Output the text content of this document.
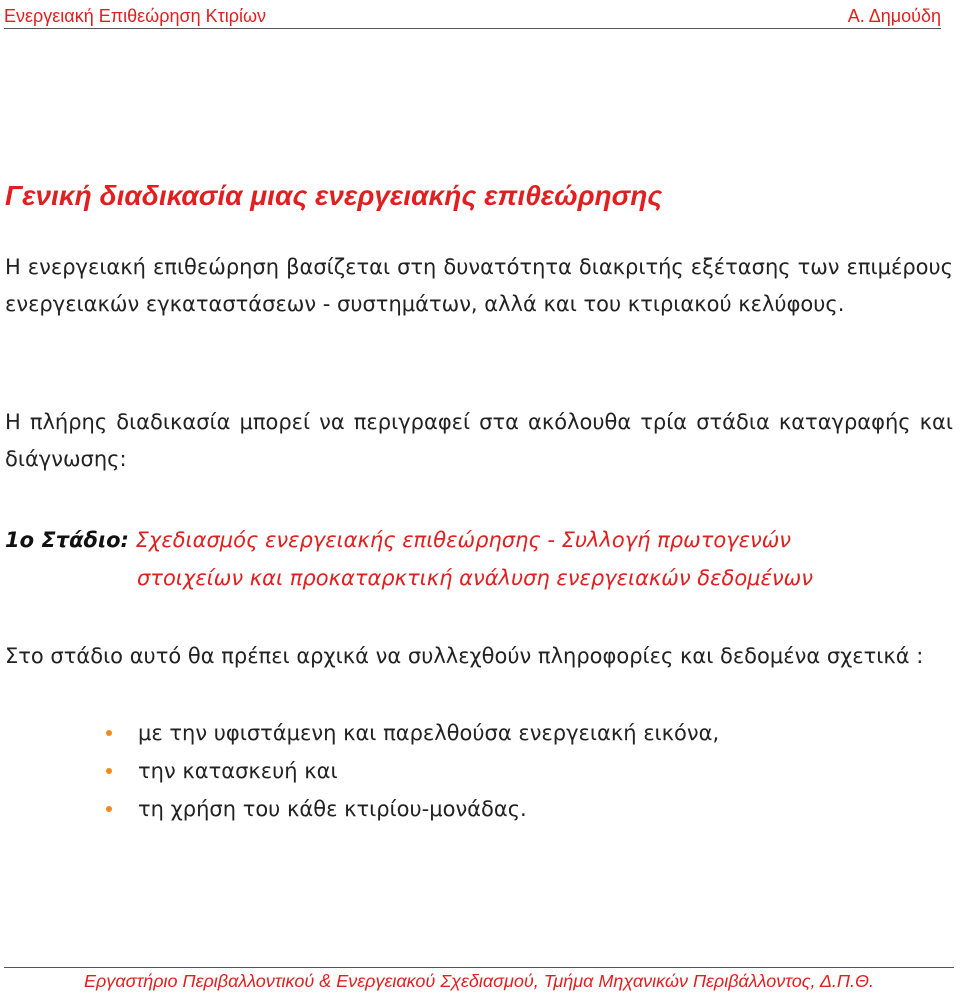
Ενεργειακή Επιθεώρηση Κτιρίων	Α. Δημούδη
Γενική διαδικασία μιας ενεργειακής επιθεώρησης
Η ενεργειακή επιθεώρηση βασίζεται στη δυνατότητα διακριτής εξέτασης των επιμέρους ενεργειακών εγκαταστάσεων - συστημάτων, αλλά και του κτιριακού κελύφους.
Η πλήρης διαδικασία μπορεί να περιγραφεί στα ακόλουθα τρία στάδια καταγραφής και διάγνωσης:
1ο Στάδιο: Σχεδιασμός ενεργειακής επιθεώρησης - Συλλογή πρωτογενών
στοιχείων και προκαταρκτική ανάλυση ενεργειακών δεδομένων
Στο στάδιο αυτό θα πρέπει αρχικά να συλλεχθούν πληροφορίες και δεδομένα σχετικά :
με την υφιστάμενη και παρελθούσα ενεργειακή εικόνα,
την κατασκευή και
τη χρήση του κάθε κτιρίου-μονάδας.
Εργαστήριο Περιβαλλοντικού & Ενεργειακού Σχεδιασμού, Τμήμα Μηχανικών Περιβάλλοντος, Δ.Π.Θ.
